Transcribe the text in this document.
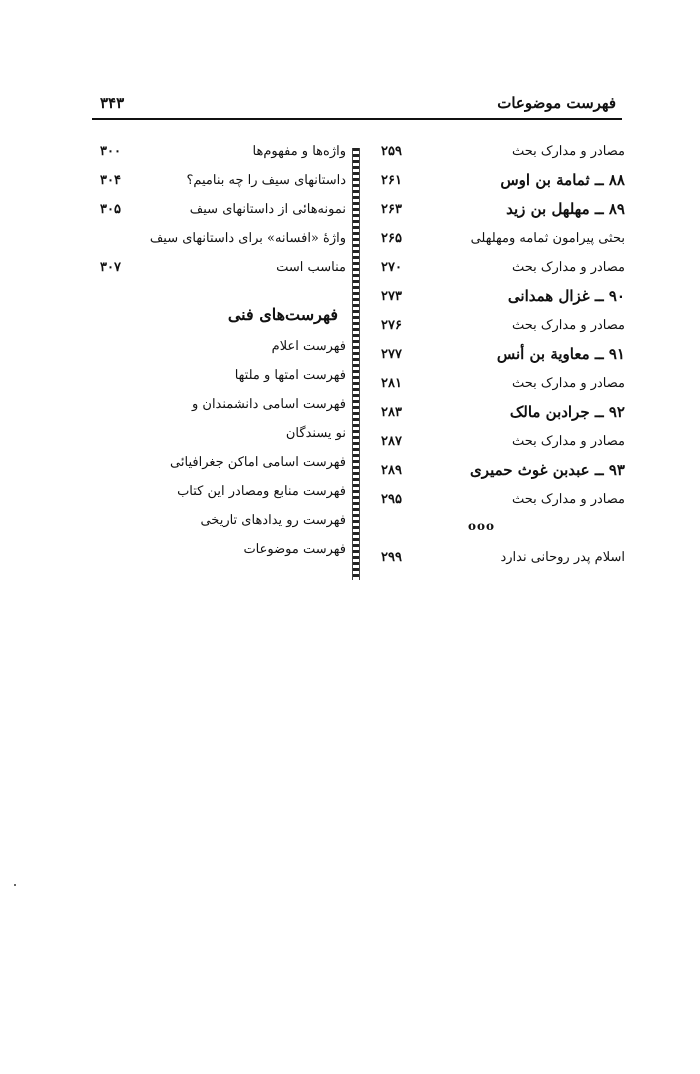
فهرست موضوعات
۳۴۳
مصادر و مدارک بحث
۲۵۹
۸۸ ــ ثمامة بن اوس
۲۶۱
۸۹ ــ مهلهل بن زید
۲۶۳
بحثی پیرامون ثمامه ومهلهلی
۲۶۵
مصادر و مدارک بحث
۲۷۰
۹۰ ــ غزال همدانی
۲۷۳
مصادر و مدارک بحث
۲۷۶
۹۱ ــ معاویة بن أنس
۲۷۷
مصادر و مدارک بحث
۲۸۱
۹۲ ــ جرادبن مالک
۲۸۳
مصادر و مدارک بحث
۲۸۷
۹۳ ــ عبدبن غوث حمیری
۲۸۹
مصادر و مدارک بحث
۲۹۵
ooo
اسلام پدر روحانی ندارد
۲۹۹
واژه‌ها و مفهوم‌ها
۳۰۰
داستانهای سیف را چه بنامیم؟
۳۰۴
نمونه‌هائی از داستانهای سیف
۳۰۵
واژهٔ «افسانه» برای داستانهای سیف
مناسب است
۳۰۷
فهرست‌های فنی
فهرست اعلام
فهرست امتها و ملتها
فهرست اسامی دانشمندان و
نو یسندگان
فهرست اسامی اماکن جغرافیائی
فهرست منابع ومصادر این کتاب
فهرست رو یدادهای تاریخی
فهرست موضوعات
